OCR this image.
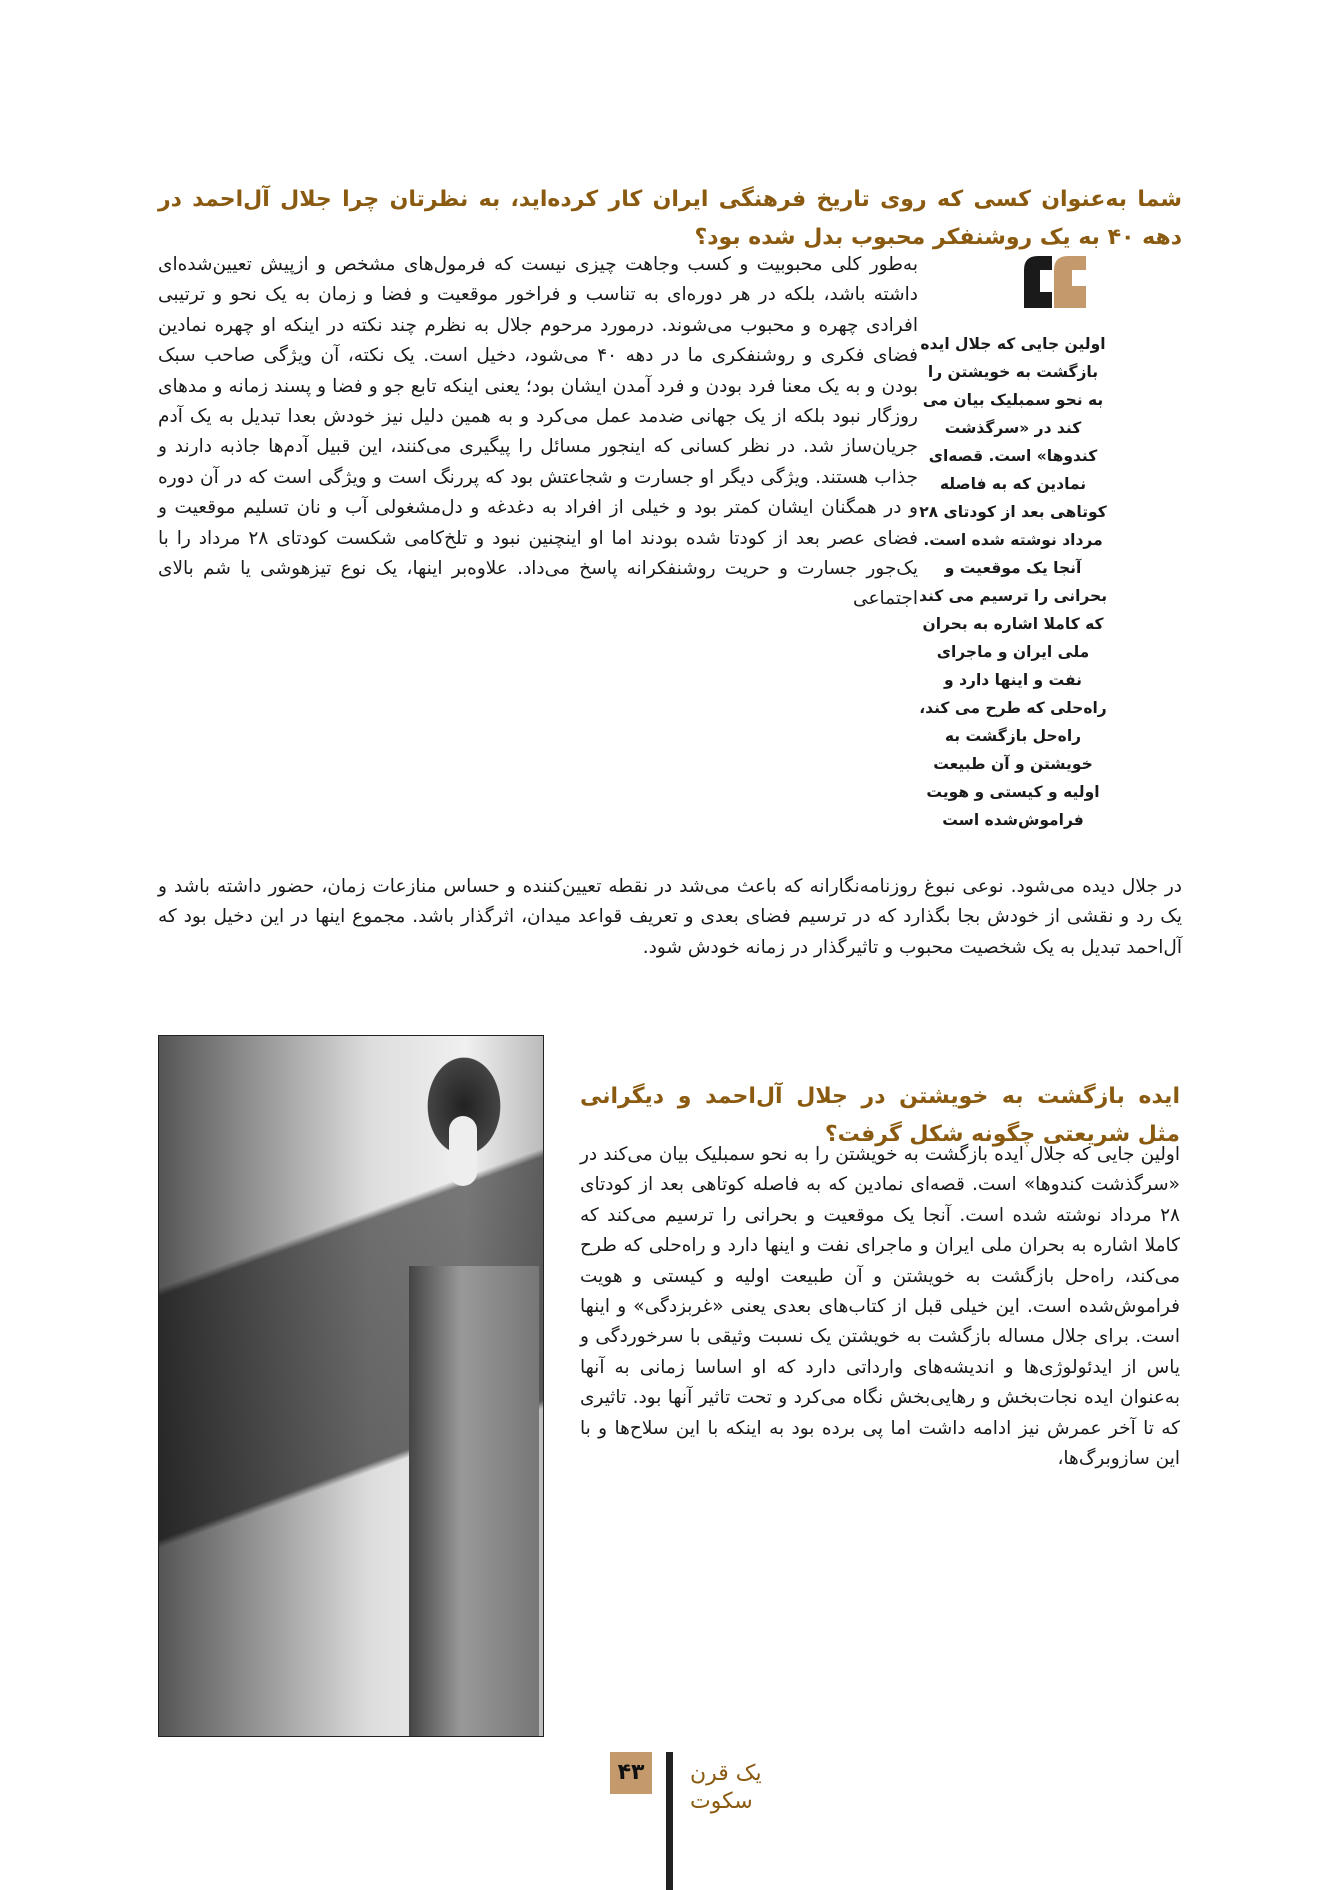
شما به‌عنوان کسی که روی تاریخ فرهنگی ایران کار کرده‌اید، به نظرتان چرا جلال آل‌احمد در دهه ۴۰ به یک روشنفکر محبوب بدل شده بود؟
به‌طور کلی محبوبیت و کسب وجاهت چیزی نیست که فرمول‌های مشخص و ازپیش تعیین‌شده‌ای داشته باشد، بلکه در هر دوره‌ای به تناسب و فراخور موقعیت و فضا و زمان به یک نحو و ترتیبی افرادی چهره و محبوب می‌شوند. درمورد مرحوم جلال به نظرم چند نکته در اینکه او چهره نمادین فضای فکری و روشنفکری ما در دهه ۴۰ می‌شود، دخیل است. یک نکته، آن ویژگی صاحب سبک بودن و به یک معنا فرد بودن و فرد آمدن ایشان بود؛ یعنی اینکه تابع جو و فضا و پسند زمانه و مدهای روزگار نبود بلکه از یک جهانی ضدمد عمل می‌کرد و به همین دلیل نیز خودش بعدا تبدیل به یک آدم جریان‌ساز شد. در نظر کسانی که اینجور مسائل را پیگیری می‌کنند، این قبیل آدم‌ها جاذبه دارند و جذاب هستند. ویژگی دیگر او جسارت و شجاعتش بود که پررنگ است و ویژگی است که در آن دوره و در همگنان ایشان کمتر بود و خیلی از افراد به دغدغه و دل‌مشغولی آب و نان تسلیم موقعیت و فضای عصر بعد از کودتا شده بودند اما او اینچنین نبود و تلخ‌کامی شکست کودتای ۲۸ مرداد را با یک‌جور جسارت و حریت روشنفکرانه پاسخ می‌داد. علاوه‌بر اینها، یک نوع تیزهوشی یا شم بالای اجتماعی
اولین جایی که جلال ایده بازگشت به خویشتن را به نحو سمبلیک بیان می کند در «سرگذشت کندوها» است. قصه‌ای نمادین که به فاصله کوتاهی بعد از کودتای ۲۸ مرداد نوشته شده است. آنجا یک موقعیت و بحرانی را ترسیم می کند که کاملا اشاره به بحران ملی ایران و ماجرای نفت و اینها دارد و راه‌حلی که طرح می کند، راه‌حل بازگشت به خویشتن و آن طبیعت اولیه و کیستی و هویت فراموش‌شده است
در جلال دیده می‌شود. نوعی نبوغ روزنامه‌نگارانه که باعث می‌شد در نقطه تعیین‌کننده و حساس منازعات زمان، حضور داشته باشد و یک رد و نقشی از خودش بجا بگذارد که در ترسیم فضای بعدی و تعریف قواعد میدان، اثرگذار باشد. مجموع اینها در این دخیل بود که آل‌احمد تبدیل به یک شخصیت محبوب و تاثیرگذار در زمانه خودش شود.
ایده بازگشت به خویشتن در جلال آل‌احمد و دیگرانی مثل شریعتی چگونه شکل گرفت؟
اولین جایی که جلال ایده بازگشت به خویشتن را به نحو سمبلیک بیان می‌کند در «سرگذشت کندوها» است. قصه‌ای نمادین که به فاصله کوتاهی بعد از کودتای ۲۸ مرداد نوشته شده است. آنجا یک موقعیت و بحرانی را ترسیم می‌کند که کاملا اشاره به بحران ملی ایران و ماجرای نفت و اینها دارد و راه‌حلی که طرح می‌کند، راه‌حل بازگشت به خویشتن و آن طبیعت اولیه و کیستی و هویت فراموش‌شده است. این خیلی قبل از کتاب‌های بعدی یعنی «غربزدگی» و اینها است. برای جلال مساله بازگشت به خویشتن یک نسبت وثیقی با سرخوردگی و یاس از ایدئولوژی‌ها و اندیشه‌های وارداتی دارد که او اساسا زمانی به آنها به‌عنوان ایده نجات‌بخش و رهایی‌بخش نگاه می‌کرد و تحت تاثیر آنها بود. تاثیری که تا آخر عمرش نیز ادامه داشت اما پی برده بود به اینکه با این سلاح‌ها و با این سازوبرگ‌ها،
۴۳	یک قرن
سکوت
